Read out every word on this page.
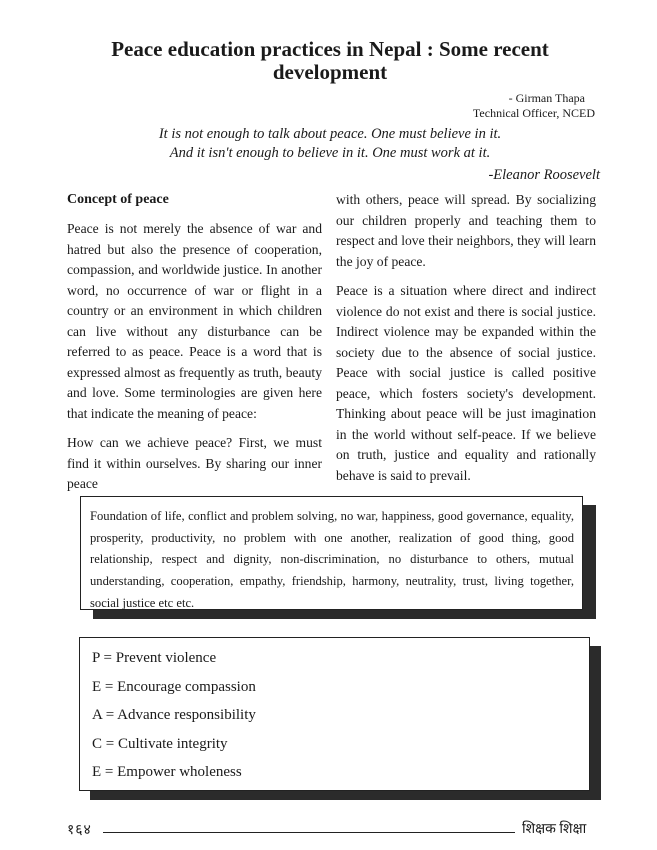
Peace education practices in Nepal : Some recent development
- Girman Thapa
Technical Officer, NCED
It is not enough to talk about peace. One must believe in it.
And it isn't enough to believe in it. One must work at it.
-Eleanor Roosevelt
Concept of peace

Peace is not merely the absence of war and hatred but also the presence of cooperation, compassion, and worldwide justice. In another word, no occurrence of war or flight in a country or an environment in which children can live without any disturbance can be referred to as peace. Peace is a word that is expressed almost as frequently as truth, beauty and love. Some terminologies are given here that indicate the meaning of peace:

How can we achieve peace? First, we must find it within ourselves. By sharing our inner peace

with others, peace will spread. By socializing our children properly and teaching them to respect and love their neighbors, they will learn the joy of peace.

Peace is a situation where direct and indirect violence do not exist and there is social justice. Indirect violence may be expanded within the society due to the absence of social justice. Peace with social justice is called positive peace, which fosters society's development. Thinking about peace will be just imagination in the world without self-peace. If we believe on truth, justice and equality and rationally behave is said to prevail.

Foundation of life, conflict and problem solving, no war, happiness, good governance, equality, prosperity, productivity, no problem with one another, realization of good thing, good relationship, respect and dignity, non-discrimination, no disturbance to others, mutual understanding, cooperation, empathy, friendship, harmony, neutrality, trust, living together, social justice etc etc.
P = Prevent violence
E = Encourage compassion
A = Advance responsibility
C = Cultivate integrity
E = Empower wholeness
१६४	शिक्षक शिक्षा
